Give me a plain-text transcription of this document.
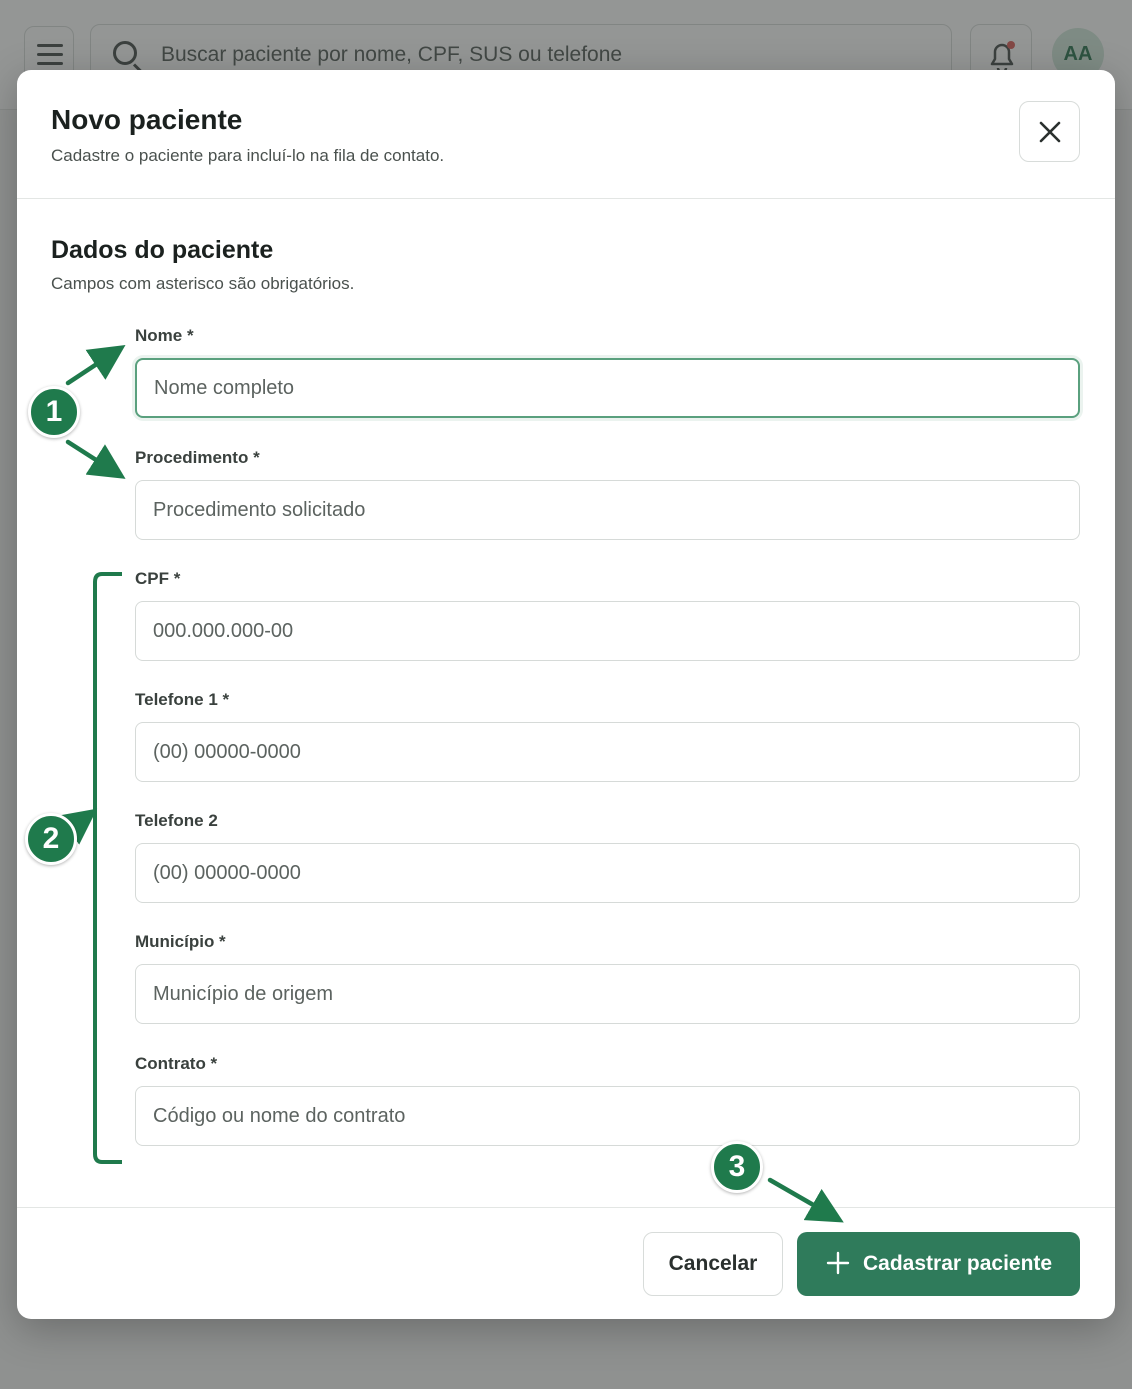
Novo paciente
Cadastre o paciente para incluí-lo na fila de contato.
Dados do paciente
Campos com asterisco são obrigatórios.
Nome *
Nome completo
Procedimento *
Procedimento solicitado
CPF *
000.000.000-00
Telefone 1 *
(00) 00000-0000
Telefone 2
(00) 00000-0000
Município *
Município de origem
Contrato *
Código ou nome do contrato
Cancelar	Cadastrar paciente
1
2
3
